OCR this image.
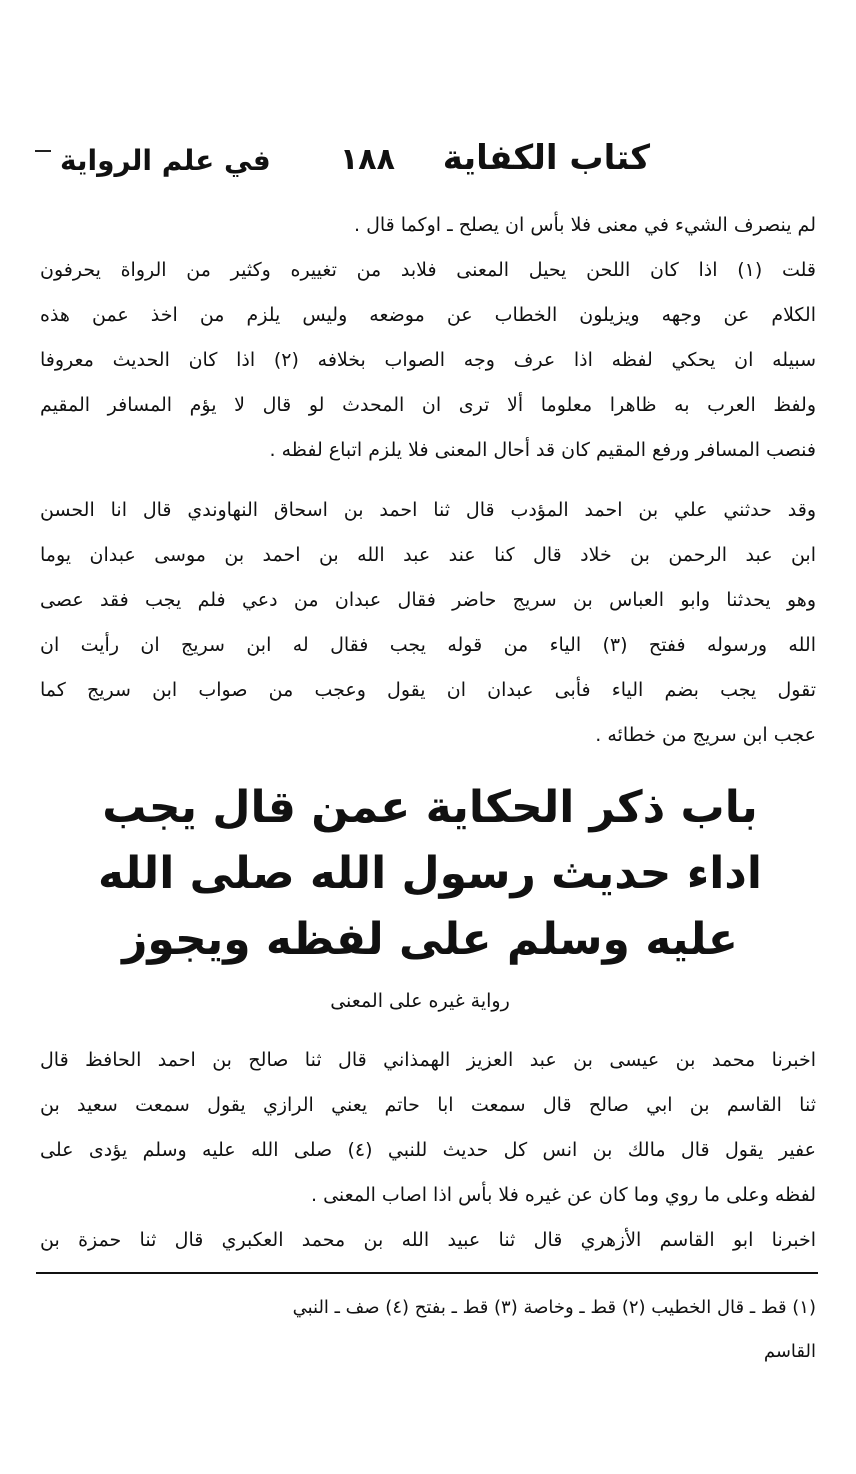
كتاب الكفاية
١٨٨
في علم الرواية
لم ينصرف الشيء في معنى فلا بأس ان يصلح ـ اوكما قال .
قلت (١) اذا كان اللحن يحيل المعنى فلابد من تغييره وكثير من الرواة يحرفون
الكلام عن وجهه ويزيلون الخطاب عن موضعه وليس يلزم من اخذ عمن هذه
سبيله ان يحكي لفظه اذا عرف وجه الصواب بخلافه (٢) اذا كان الحديث معروفا
ولفظ العرب به ظاهرا معلوما ألا ترى ان المحدث لو قال لا يؤم المسافر المقيم
فنصب المسافر ورفع المقيم كان قد أحال المعنى فلا يلزم اتباع لفظه .
وقد حدثني علي بن احمد المؤدب قال ثنا احمد بن اسحاق النهاوندي قال انا الحسن
ابن عبد الرحمن بن خلاد قال كنا عند عبد الله بن احمد بن موسى عبدان يوما
وهو يحدثنا وابو العباس بن سريج حاضر فقال عبدان من دعي فلم يجب فقد عصى
الله ورسوله ففتح (٣) الياء من قوله يجب فقال له ابن سريج ان رأيت ان
تقول يجب بضم الياء فأبى عبدان ان يقول وعجب من صواب ابن سريج كما
عجب ابن سريج من خطائه .
باب ذكر الحكاية عمن قال يجب
اداء حديث رسول الله صلى الله
عليه وسلم على لفظه ويجوز
رواية غيره على المعنى
اخبرنا محمد بن عيسى بن عبد العزيز الهمذاني قال ثنا صالح بن احمد الحافظ قال
ثنا القاسم بن ابي صالح قال سمعت ابا حاتم يعني الرازي يقول سمعت سعيد بن
عفير يقول قال مالك بن انس كل حديث للنبي (٤) صلى الله عليه وسلم يؤدى على
لفظه وعلى ما روي وما كان عن غيره فلا بأس اذا اصاب المعنى .
اخبرنا ابو القاسم الأزهري قال ثنا عبيد الله بن محمد العكبري قال ثنا حمزة بن
(١) قط ـ قال الخطيب (٢) قط ـ وخاصة (٣) قط ـ بفتح (٤) صف ـ النبي
القاسم
